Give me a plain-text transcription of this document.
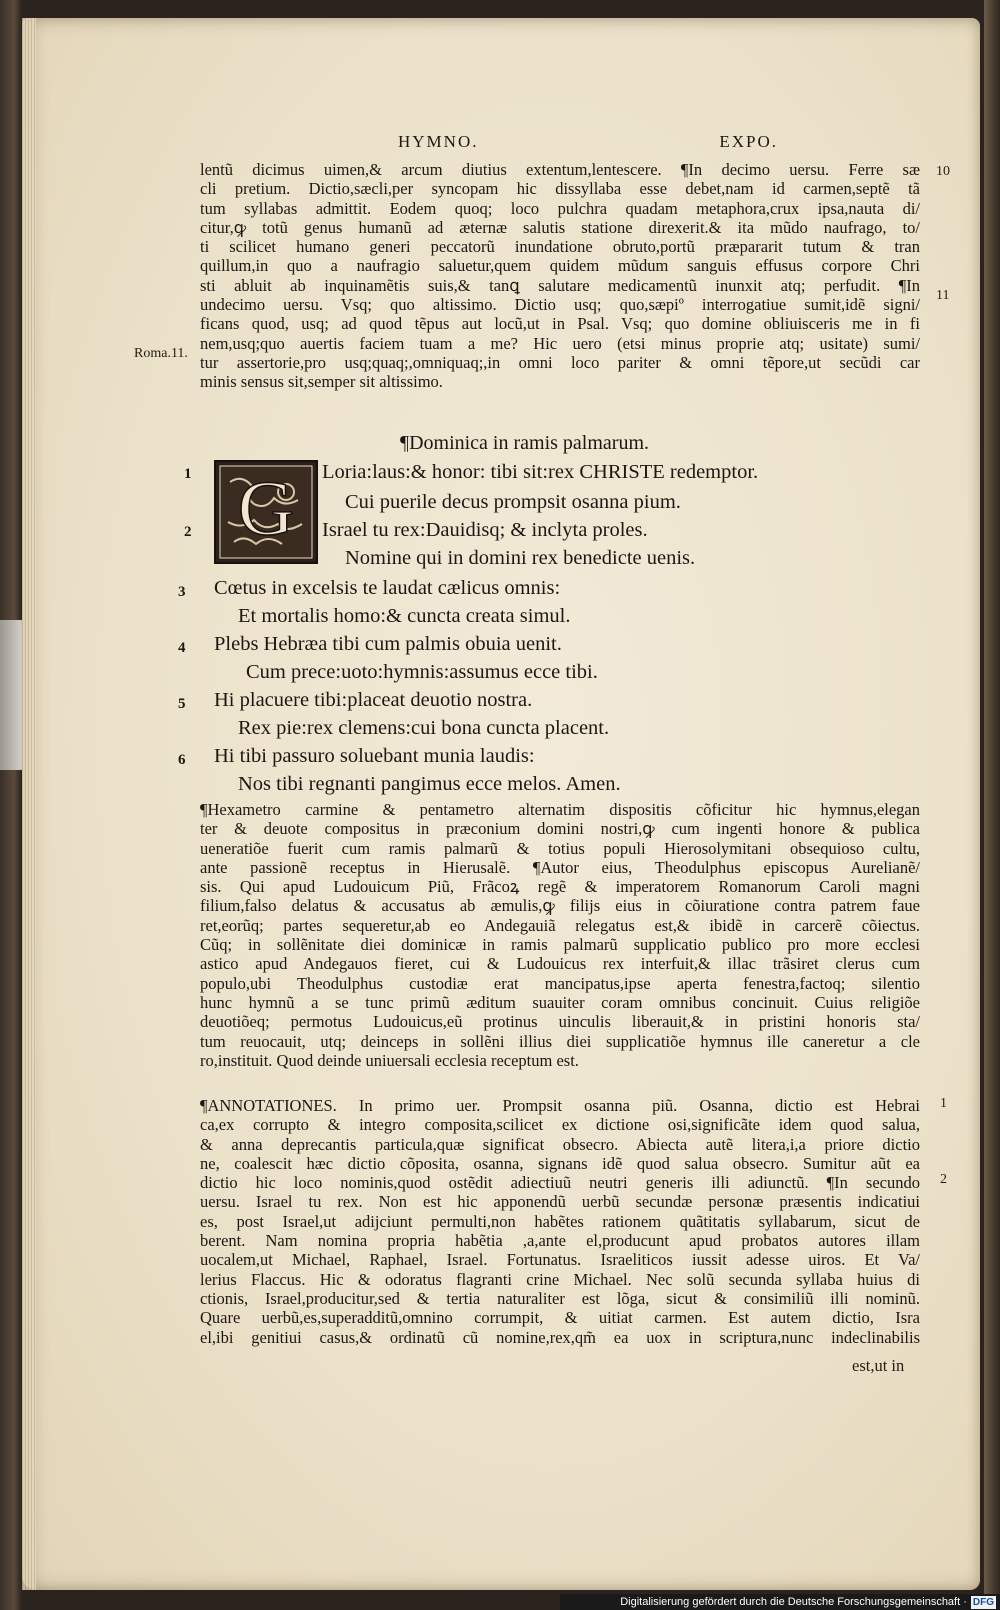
HYMNO.	EXPO.
10
11
Roma.11.
lentũ dicimus uimen,& arcum diutius extentum,lentescere. ¶In decimo uersu. Ferre sæ
cli pretium. Dictio,sæcli,per syncopam hic dissyllaba esse debet,nam id carmen,septẽ tã
tum syllabas admittit. Eodem quoq; loco pulchra quadam metaphora,crux ipsa,nauta di/
citur,ꝙ totũ genus humanũ ad æternæ salutis statione direxerit.& ita mũdo naufrago, to/
ti scilicet humano generi peccatorũ inundatione obruto,portũ præpararit tutum & tran
quillum,in quo a naufragio saluetur,quem quidem mũdum sanguis effusus corpore Chri
sti abluit ab inquinamẽtis suis,& tanꝗ salutare medicamentũ inunxit atq; perfudit. ¶In
undecimo uersu. Vsq; quo altissimo. Dictio usq; quo,sæpiº interrogatiue sumit,idẽ signi/
ficans quod, usq; ad quod tẽpus aut locũ,ut in Psal. Vsq; quo domine obliuisceris me in fi
nem,usq;quo auertis faciem tuam a me? Hic uero (etsi minus proprie atq; usitate) sumi/
tur assertorie,pro usq;quaq;,omniquaq;,in omni loco pariter & omni tẽpore,ut secũdi car
minis sensus sit,semper sit altissimo.
¶Dominica in ramis palmarum.
G
1	Loria:laus:& honor: tibi sit:rex CHRISTE redemptor.
Cui puerile decus prompsit osanna pium.
2	Israel tu rex:Dauidisq; & inclyta proles.
Nomine qui in domini rex benedicte uenis.
3 Cœtus in excelsis te laudat cælicus omnis:
Et mortalis homo:& cuncta creata simul.
4 Plebs Hebræa tibi cum palmis obuia uenit.
Cum prece:uoto:hymnis:assumus ecce tibi.
5 Hi placuere tibi:placeat deuotio nostra.
Rex pie:rex clemens:cui bona cuncta placent.
6 Hi tibi passuro soluebant munia laudis:
Nos tibi regnanti pangimus ecce melos. Amen.
¶Hexametro carmine & pentametro alternatim dispositis cõficitur hic hymnus,elegan
ter & deuote compositus in præconium domini nostri,ꝙ cum ingenti honore & publica
ueneratiõe fuerit cum ramis palmarũ & totius populi Hierosolymitani obsequioso cultu,
ante passionẽ receptus in Hierusalẽ. ¶Autor eius, Theodulphus episcopus Aurelianẽ/
sis. Qui apud Ludouicum Piũ, Frãcoꝝ regẽ & imperatorem Romanorum Caroli magni
filium,falso delatus & accusatus ab æmulis,ꝙ filijs eius in cõiuratione contra patrem faue
ret,eorũq; partes sequeretur,ab eo Andegauiã relegatus est,& ibidẽ in carcerẽ cõiectus.
Cũq; in sollẽnitate diei dominicæ in ramis palmarũ supplicatio publico pro more ecclesi
astico apud Andegauos fieret, cui & Ludouicus rex interfuit,& illac trãsiret clerus cum
populo,ubi Theodulphus custodiæ erat mancipatus,ipse aperta fenestra,factoq; silentio
hunc hymnũ a se tunc primũ æditum suauiter coram omnibus concinuit. Cuius religiõe
deuotiõeq; permotus Ludouicus,eũ protinus uinculis liberauit,& in pristini honoris sta/
tum reuocauit, utq; deinceps in sollẽni illius diei supplicatiõe hymnus ille caneretur a cle
ro,instituit. Quod deinde uniuersali ecclesia receptum est.
1
2
¶ANNOTATIONES. In primo uer. Prompsit osanna piũ. Osanna, dictio est Hebrai
ca,ex corrupto & integro composita,scilicet ex dictione osi,significãte idem quod salua,
& anna deprecantis particula,quæ significat obsecro. Abiecta autẽ litera,i,a priore dictio
ne, coalescit hæc dictio cõposita, osanna, signans idẽ quod salua obsecro. Sumitur aũt ea
dictio hic loco nominis,quod ostẽdit adiectiuũ neutri generis illi adiunctũ. ¶In secundo
uersu. Israel tu rex. Non est hic apponendũ uerbũ secundæ personæ præsentis indicatiui
es, post Israel,ut adijciunt permulti,non habẽtes rationem quãtitatis syllabarum, sicut de
berent. Nam nomina propria habẽtia ,a,ante el,producunt apud probatos autores illam
uocalem,ut Michael, Raphael, Israel. Fortunatus. Israeliticos iussit adesse uiros. Et Va/
lerius Flaccus. Hic & odoratus flagranti crine Michael. Nec solũ secunda syllaba huius di
ctionis, Israel,producitur,sed & tertia naturaliter est lõga, sicut & consimiliũ illi nominũ.
Quare uerbũ,es,superadditũ,omnino corrumpit, & uitiat carmen. Est autem dictio, Isra
el,ibi genitiui casus,& ordinatũ cũ nomine,rex,qm̃ ea uox in scriptura,nunc indeclinabilis
est,ut in
Digitalisierung gefördert durch die Deutsche Forschungsgemeinschaft · DFG
